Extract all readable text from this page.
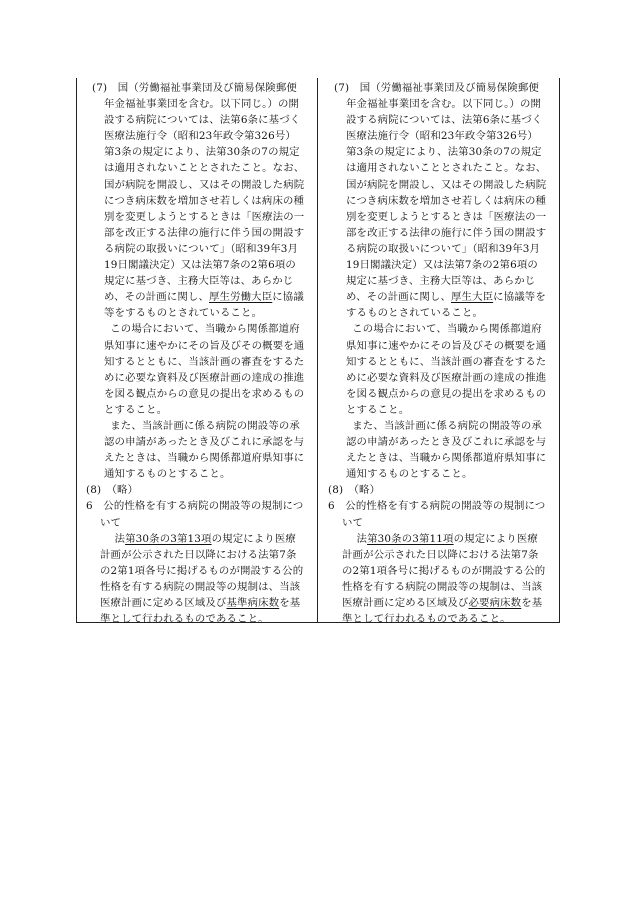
(7)　国（労働福祉事業団及び簡易保険郵便年金福祉事業団を含む。以下同じ。）の開設する病院については、法第6条に基づく医療法施行令（昭和23年政令第326号）第3条の規定により、法第30条の7の規定は適用されないこととされたこと。なお、国が病院を開設し、又はその開設した病院につき病床数を増加させ若しくは病床の種別を変更しようとするときは「医療法の一部を改正する法律の施行に伴う国の開設する病院の取扱いについて」（昭和39年3月19日閣議決定）又は法第7条の2第6項の規定に基づき、主務大臣等は、あらかじめ、その計画に関し、厚生労働大臣に協議等をするものとされていること。

この場合において、当職から関係都道府県知事に速やかにその旨及びその概要を通知するとともに、当該計画の審査をするために必要な資料及び医療計画の達成の推進を図る観点からの意見の提出を求めるものとすること。

また、当該計画に係る病院の開設等の承認の申請があったとき及びこれに承認を与えたときは、当職から関係都道府県知事に通知するものとすること。

(8)　（略）

6　公的性格を有する病院の開設等の規制について

法第30条の3第13項の規定により医療計画が公示された日以降における法第7条の2第1項各号に掲げるものが開設する公的性格を有する病院の開設等の規制は、当該医療計画に定める区域及び基準病床数を基準として行われるものであること。

(7)　国（労働福祉事業団及び簡易保険郵便年金福祉事業団を含む。以下同じ。）の開設する病院については、法第6条に基づく医療法施行令（昭和23年政令第326号）第3条の規定により、法第30条の7の規定は適用されないこととされたこと。なお、国が病院を開設し、又はその開設した病院につき病床数を増加させ若しくは病床の種別を変更しようとするときは「医療法の一部を改正する法律の施行に伴う国の開設する病院の取扱いについて」（昭和39年3月19日閣議決定）又は法第7条の2第6項の規定に基づき、主務大臣等は、あらかじめ、その計画に関し、厚生大臣に協議等をするものとされていること。

この場合において、当職から関係都道府県知事に速やかにその旨及びその概要を通知するとともに、当該計画の審査をするために必要な資料及び医療計画の達成の推進を図る観点からの意見の提出を求めるものとすること。

また、当該計画に係る病院の開設等の承認の申請があったとき及びこれに承認を与えたときは、当職から関係都道府県知事に通知するものとすること。

(8)　（略）

6　公的性格を有する病院の開設等の規制について

法第30条の3第11項の規定により医療計画が公示された日以降における法第7条の2第1項各号に掲げるものが開設する公的性格を有する病院の開設等の規制は、当該医療計画に定める区域及び必要病床数を基準として行われるものであること。
